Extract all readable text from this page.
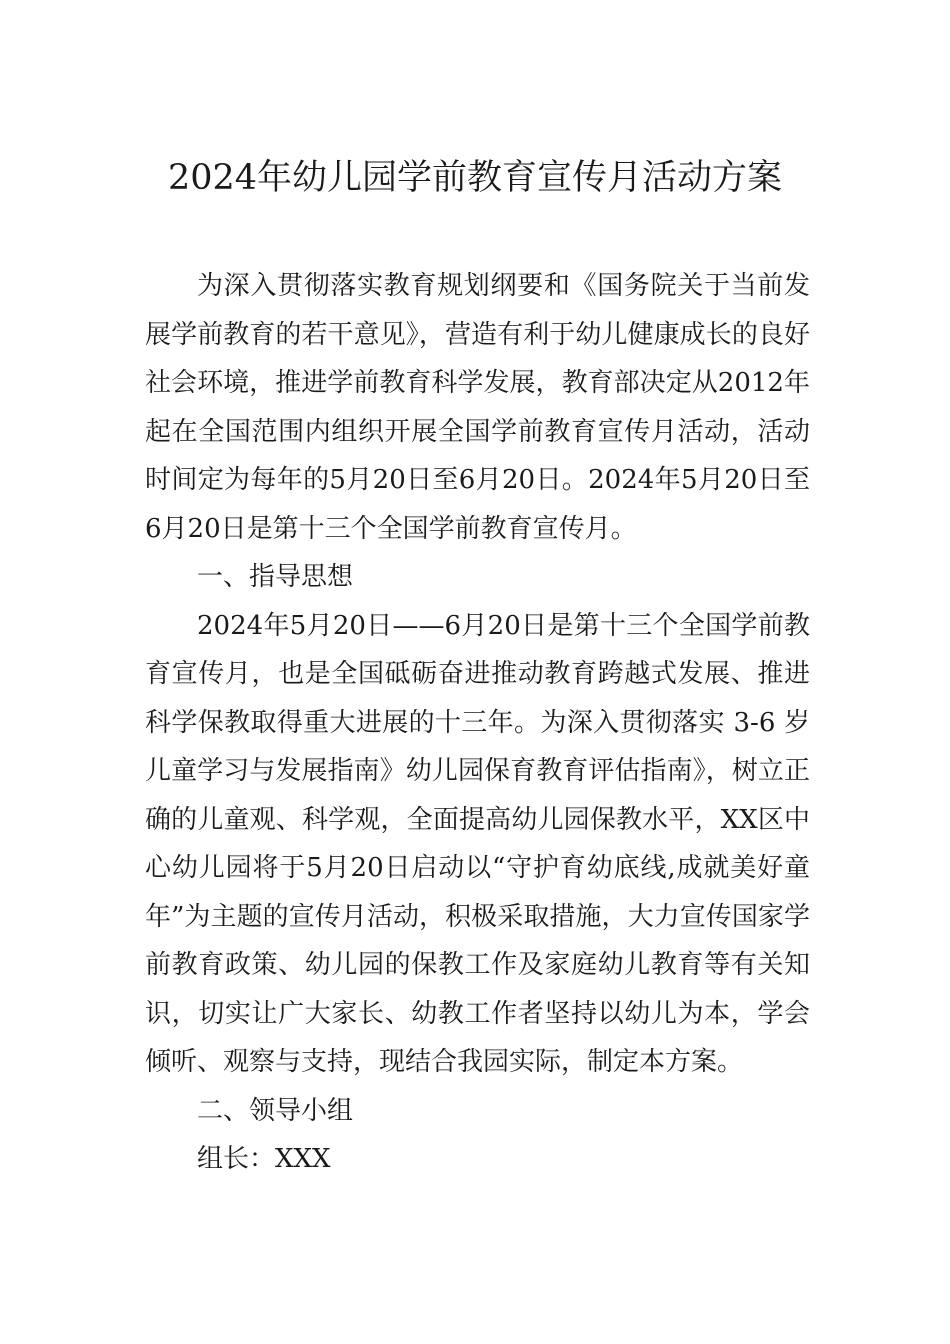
2024年幼儿园学前教育宣传月活动方案

为深入贯彻落实教育规划纲要和《国务院关于当前发展学前教育的若干意见》，营造有利于幼儿健康成长的良好社会环境，推进学前教育科学发展，教育部决定从2012年起在全国范围内组织开展全国学前教育宣传月活动，活动时间定为每年的5月20日至6月20日。2024年5月20日至6月20日是第十三个全国学前教育宣传月。

一、指导思想

2024年5月20日——6月20日是第十三个全国学前教育宣传月，也是全国砥砺奋进推动教育跨越式发展、推进科学保教取得重大进展的十三年。为深入贯彻落实 3-6 岁儿童学习与发展指南》幼儿园保育教育评估指南》，树立正确的儿童观、科学观，全面提高幼儿园保教水平，XX区中心幼儿园将于5月20日启动以“守护育幼底线,成就美好童年”为主题的宣传月活动，积极采取措施，大力宣传国家学前教育政策、幼儿园的保教工作及家庭幼儿教育等有关知识，切实让广大家长、幼教工作者坚持以幼儿为本，学会倾听、观察与支持，现结合我园实际，制定本方案。

二、领导小组

组长：XXX
